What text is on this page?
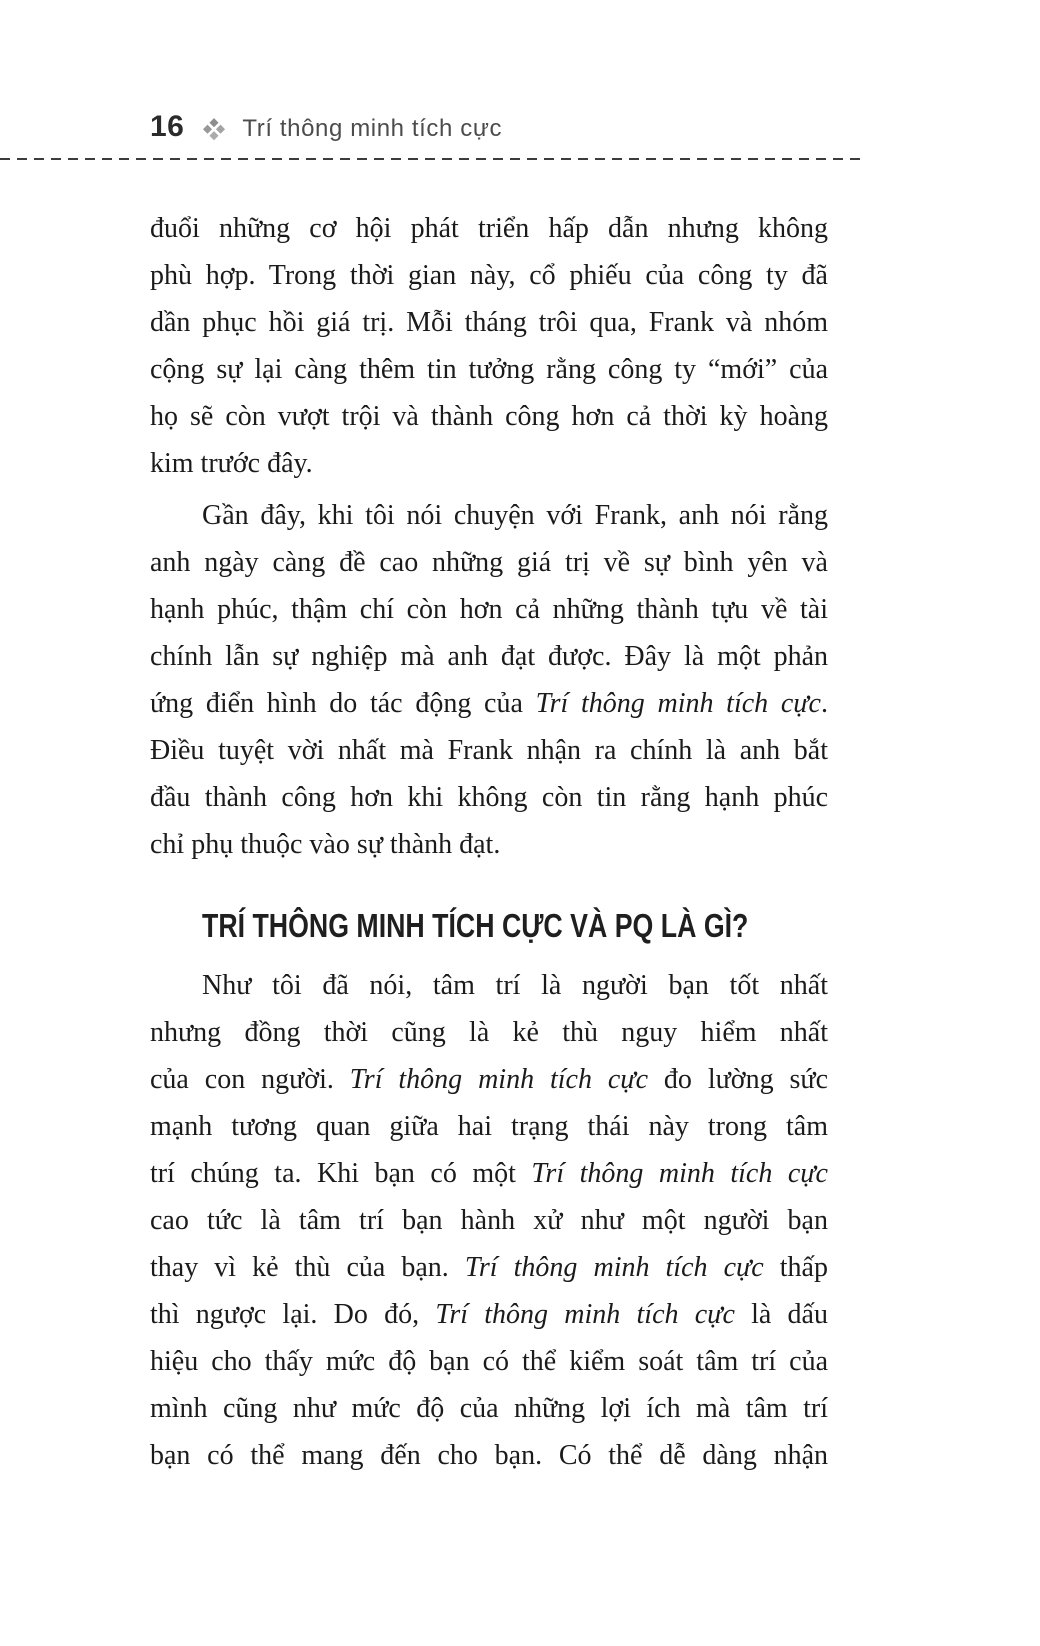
16 Trí thông minh tích cực
đuổi những cơ hội phát triển hấp dẫn nhưng không
phù hợp. Trong thời gian này, cổ phiếu của công ty đã
dần phục hồi giá trị. Mỗi tháng trôi qua, Frank và nhóm
cộng sự lại càng thêm tin tưởng rằng công ty “mới” của
họ sẽ còn vượt trội và thành công hơn cả thời kỳ hoàng
kim trước đây.
Gần đây, khi tôi nói chuyện với Frank, anh nói rằng
anh ngày càng đề cao những giá trị về sự bình yên và
hạnh phúc, thậm chí còn hơn cả những thành tựu về tài
chính lẫn sự nghiệp mà anh đạt được. Đây là một phản
ứng điển hình do tác động của Trí thông minh tích cực.
Điều tuyệt vời nhất mà Frank nhận ra chính là anh bắt
đầu thành công hơn khi không còn tin rằng hạnh phúc
chỉ phụ thuộc vào sự thành đạt.
TRÍ THÔNG MINH TÍCH CỰC VÀ PQ LÀ GÌ?
Như tôi đã nói, tâm trí là người bạn tốt nhất
nhưng đồng thời cũng là kẻ thù nguy hiểm nhất
của con người. Trí thông minh tích cực đo lường sức
mạnh tương quan giữa hai trạng thái này trong tâm
trí chúng ta. Khi bạn có một Trí thông minh tích cực
cao tức là tâm trí bạn hành xử như một người bạn
thay vì kẻ thù của bạn. Trí thông minh tích cực thấp
thì ngược lại. Do đó, Trí thông minh tích cực là dấu
hiệu cho thấy mức độ bạn có thể kiểm soát tâm trí của
mình cũng như mức độ của những lợi ích mà tâm trí
bạn có thể mang đến cho bạn. Có thể dễ dàng nhận
